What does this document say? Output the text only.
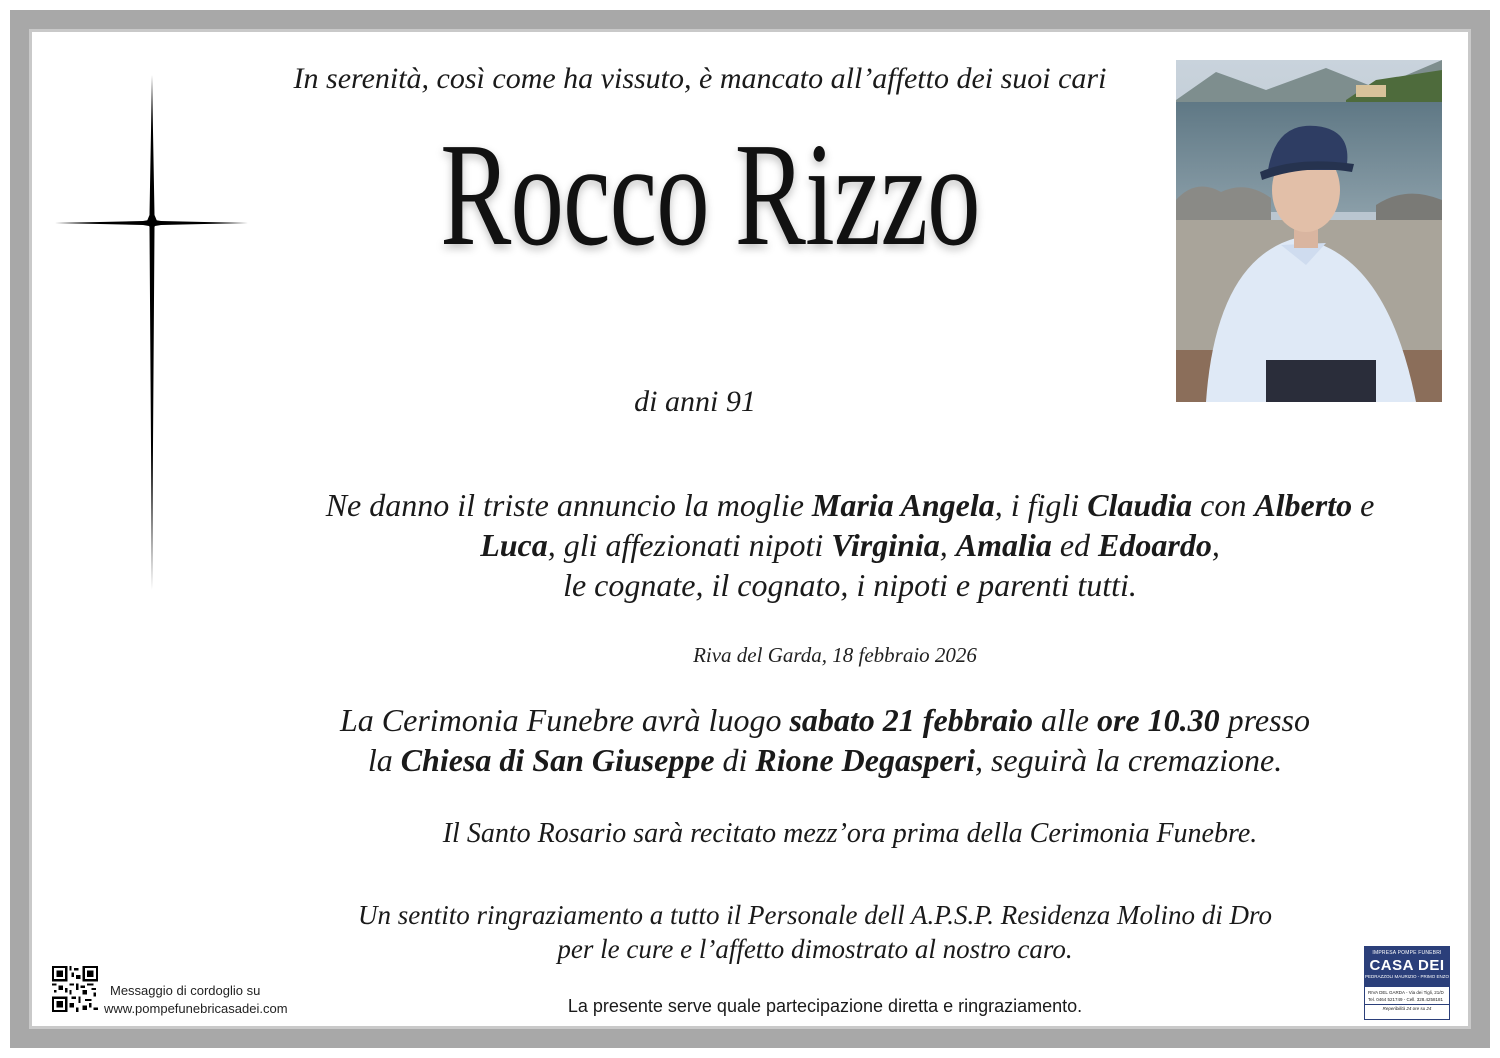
In serenità, così come ha vissuto, è mancato all’affetto dei suoi cari
Rocco Rizzo
di anni 91
Ne danno il triste annuncio la moglie Maria Angela, i figli Claudia con Alberto e
Luca, gli affezionati nipoti Virginia, Amalia ed Edoardo,
le cognate, il cognato, i nipoti e parenti tutti.
Riva del Garda, 18 febbraio 2026
La Cerimonia Funebre avrà luogo sabato 21 febbraio alle ore 10.30 presso
la Chiesa di San Giuseppe di Rione Degasperi, seguirà la cremazione.
Il Santo Rosario sarà recitato mezz’ora prima della Cerimonia Funebre.
Un sentito ringraziamento a tutto il Personale dell A.P.S.P. Residenza Molino di Dro
per le cure e l’affetto dimostrato al nostro caro.
Messaggio di cordoglio su
www.pompefunebricasadei.com	La presente serve quale partecipazione diretta e ringraziamento.
IMPRESA POMPE FUNEBRI
CASA DEI
PEDRAZZOLI MAURIZIO - PRIMO ENZO
RIVA DEL GARDA - Via dei Tigli, 21/D
Tel. 0464 521749 - Cell. 328.4258181
Reperibilità 24 ore su 24
